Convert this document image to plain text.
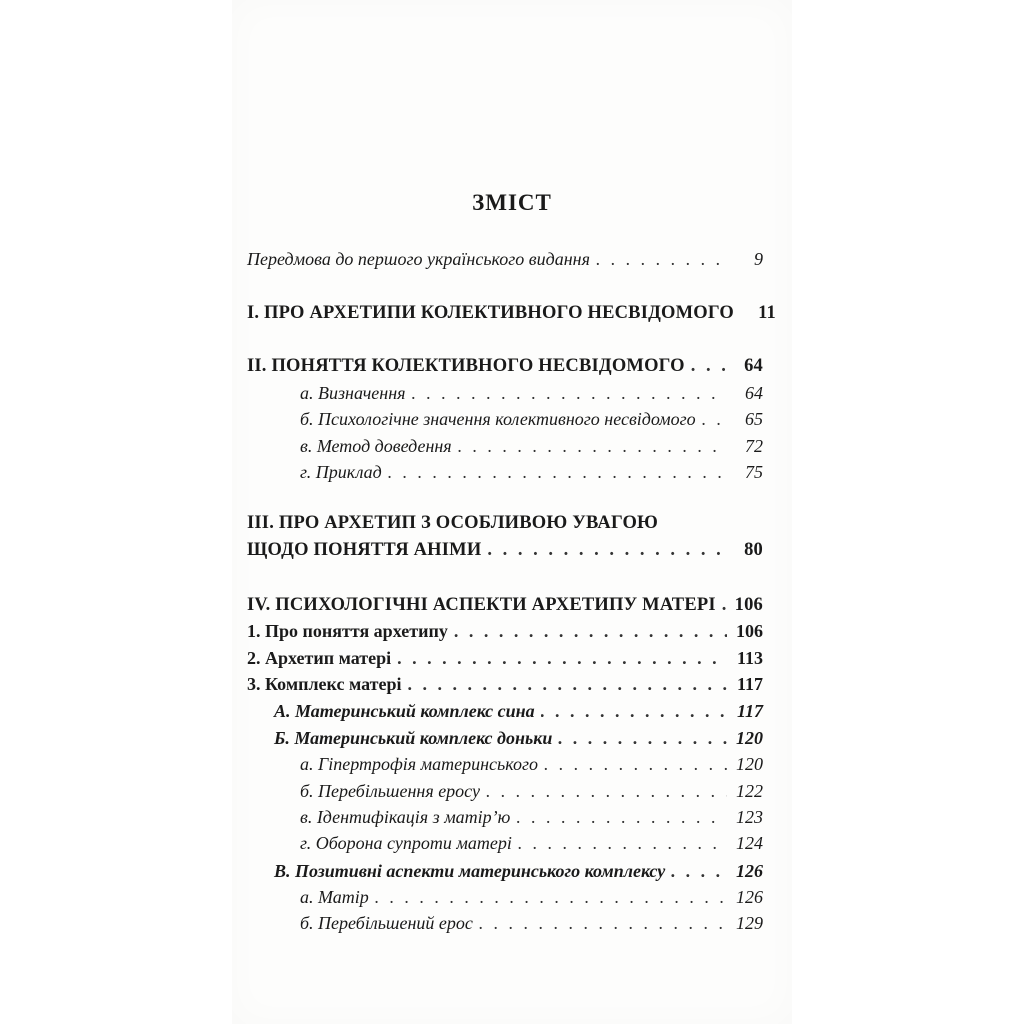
ЗМІСТ
Передмова до першого українського видання . . .	9
I. ПРО АРХЕТИПИ КОЛЕКТИВНОГО НЕСВІДОМОГО	11
II. ПОНЯТТЯ КОЛЕКТИВНОГО НЕСВІДОМОГО . . .	64
а. Визначення . . .	64
б. Психологічне значення колективного несвідомого . . .	65
в. Метод доведення . . .	72
г. Приклад . . .	75
III. ПРО АРХЕТИП З ОСОБЛИВОЮ УВАГОЮ
ЩОДО ПОНЯТТЯ АНІМИ . . .	80
IV. ПСИХОЛОГІЧНІ АСПЕКТИ АРХЕТИПУ МАТЕРІ . . . 106
1. Про поняття архетипу . . .	106
2. Архетип матері . . .	113
3. Комплекс матері . . .	117
А. Материнський комплекс сина . . .	117
Б. Материнський комплекс доньки . . .	120
а. Гіпертрофія материнського . . .	120
б. Перебільшення еросу . . .	122
в. Ідентифікація з матір’ю . . .	123
г. Оборона супроти матері . . .	124
В. Позитивні аспекти материнського комплексу . . .	126
а. Матір . . .	126
б. Перебільшений ерос . . .	129
